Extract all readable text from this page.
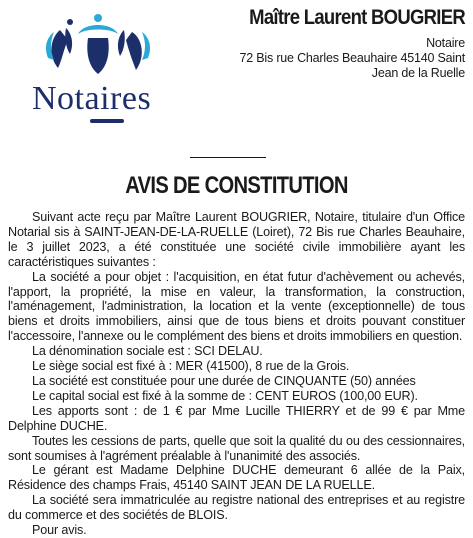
Notaires
Maître Laurent BOUGRIER
Notaire
72 Bis rue Charles Beauhaire 45140 Saint
Jean de la Ruelle
AVIS DE CONSTITUTION

Suivant acte reçu par Maître Laurent BOUGRIER, Notaire, titulaire d'un Office Notarial sis à SAINT-JEAN-DE-LA-RUELLE (Loiret), 72 Bis rue Charles Beauhaire, le 3 juillet 2023, a été constituée une société civile immobilière ayant les caractéristiques suivantes :

La société a pour objet : l'acquisition, en état futur d'achèvement ou achevés, l'apport, la propriété, la mise en valeur, la transformation, la construction, l'aménagement, l'administration, la location et la vente (exceptionnelle) de tous biens et droits immobiliers, ainsi que de tous biens et droits pouvant constituer l'accessoire, l'annexe ou le complément des biens et droits immobiliers en question.

La dénomination sociale est : SCI DELAU.

Le siège social est fixé à : MER (41500), 8 rue de la Grois.

La société est constituée pour une durée de CINQUANTE (50) années

Le capital social est fixé à la somme de : CENT EUROS (100,00 EUR).

Les apports sont : de 1 € par Mme Lucille THIERRY et de 99 € par Mme Delphine DUCHE.

Toutes les cessions de parts, quelle que soit la qualité du ou des cessionnaires, sont soumises à l'agrément préalable à l'unanimité des associés.

Le gérant est Madame Delphine DUCHE demeurant 6 allée de la Paix, Résidence des champs Frais, 45140 SAINT JEAN DE LA RUELLE.

La société sera immatriculée au registre national des entreprises et au registre du commerce et des sociétés de BLOIS.

Pour avis.
